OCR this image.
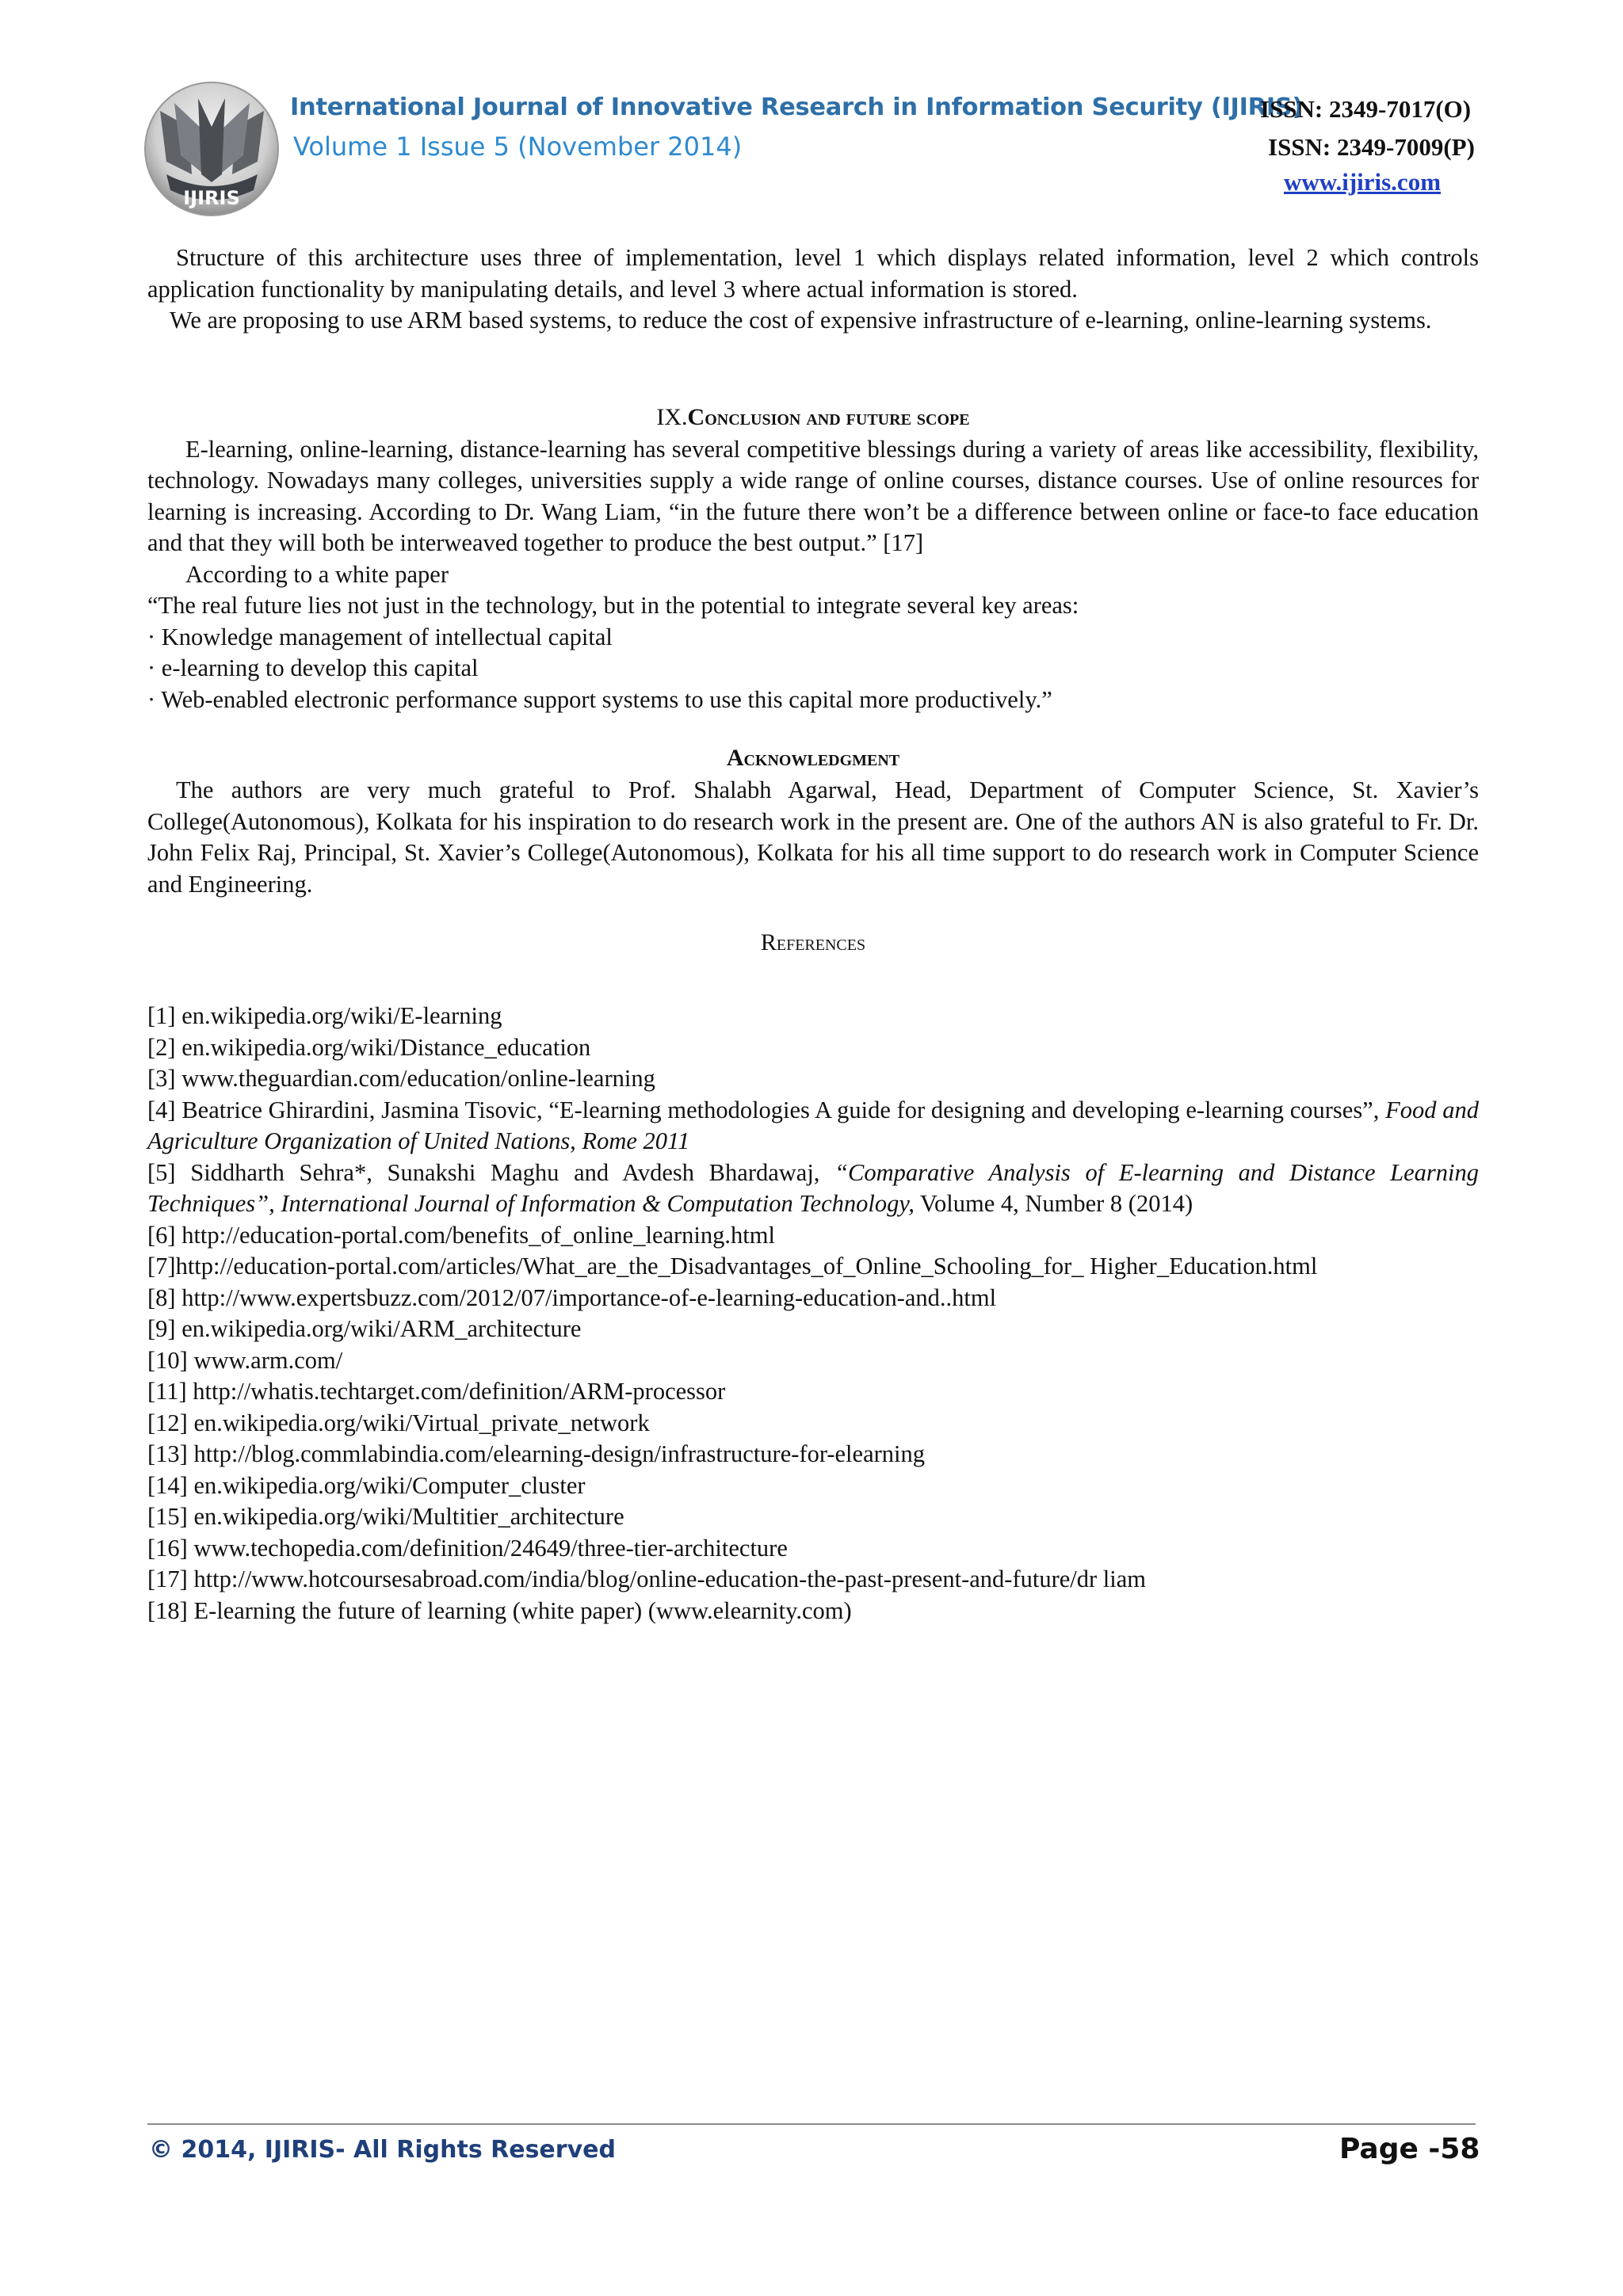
IJIRIS
International Journal of Innovative Research in Information Security (IJIRIS)
Volume 1 Issue 5 (November 2014)
ISSN: 2349-7017(O)
ISSN: 2349-7009(P)
www.ijiris.com

Structure of this architecture uses three of implementation, level 1 which displays related information, level 2 which controls application functionality by manipulating details, and level 3 where actual information is stored.

We are proposing to use ARM based systems, to reduce the cost of expensive infrastructure of e-learning, online-learning systems.

IX.Conclusion and future scope

E-learning, online-learning, distance-learning has several competitive blessings during a variety of areas like accessibility, flexibility, technology. Nowadays many colleges, universities supply a wide range of online courses, distance courses. Use of online resources for learning is increasing. According to Dr. Wang Liam, “in the future there won’t be a difference between online or face-to face education and that they will both be interweaved together to produce the best output.” [17]

According to a white paper

“The real future lies not just in the technology, but in the potential to integrate several key areas:

· Knowledge management of intellectual capital

· e-learning to develop this capital

· Web-enabled electronic performance support systems to use this capital more productively.”

Acknowledgment

The authors are very much grateful to Prof. Shalabh Agarwal, Head, Department of Computer Science, St. Xavier’s College(Autonomous), Kolkata for his inspiration to do research work in the present are. One of the authors AN is also grateful to Fr. Dr. John Felix Raj, Principal, St. Xavier’s College(Autonomous), Kolkata for his all time support to do research work in Computer Science and Engineering.

References

[1] en.wikipedia.org/wiki/E-learning

[2] en.wikipedia.org/wiki/Distance_education

[3] www.theguardian.com/education/online-learning

[4] Beatrice Ghirardini, Jasmina Tisovic, “E-learning methodologies A guide for designing and developing e-learning courses”, Food and Agriculture Organization of United Nations, Rome 2011

[5] Siddharth Sehra*, Sunakshi Maghu and Avdesh Bhardawaj, “Comparative Analysis of E-learning and Distance Learning Techniques”, International Journal of Information & Computation Technology, Volume 4, Number 8 (2014)

[6] http://education-portal.com/benefits_of_online_learning.html

[7]http://education-portal.com/articles/What_are_the_Disadvantages_of_Online_Schooling_for_ Higher_Education.html

[8] http://www.expertsbuzz.com/2012/07/importance-of-e-learning-education-and..html

[9] en.wikipedia.org/wiki/ARM_architecture

[10] www.arm.com/

[11] http://whatis.techtarget.com/definition/ARM-processor

[12] en.wikipedia.org/wiki/Virtual_private_network

[13] http://blog.commlabindia.com/elearning-design/infrastructure-for-elearning

[14] en.wikipedia.org/wiki/Computer_cluster

[15] en.wikipedia.org/wiki/Multitier_architecture

[16] www.techopedia.com/definition/24649/three-tier-architecture

[17] http://www.hotcoursesabroad.com/india/blog/online-education-the-past-present-and-future/dr liam

[18] E-learning the future of learning (white paper) (www.elearnity.com)

© 2014, IJIRIS- All Rights Reserved	Page -58
